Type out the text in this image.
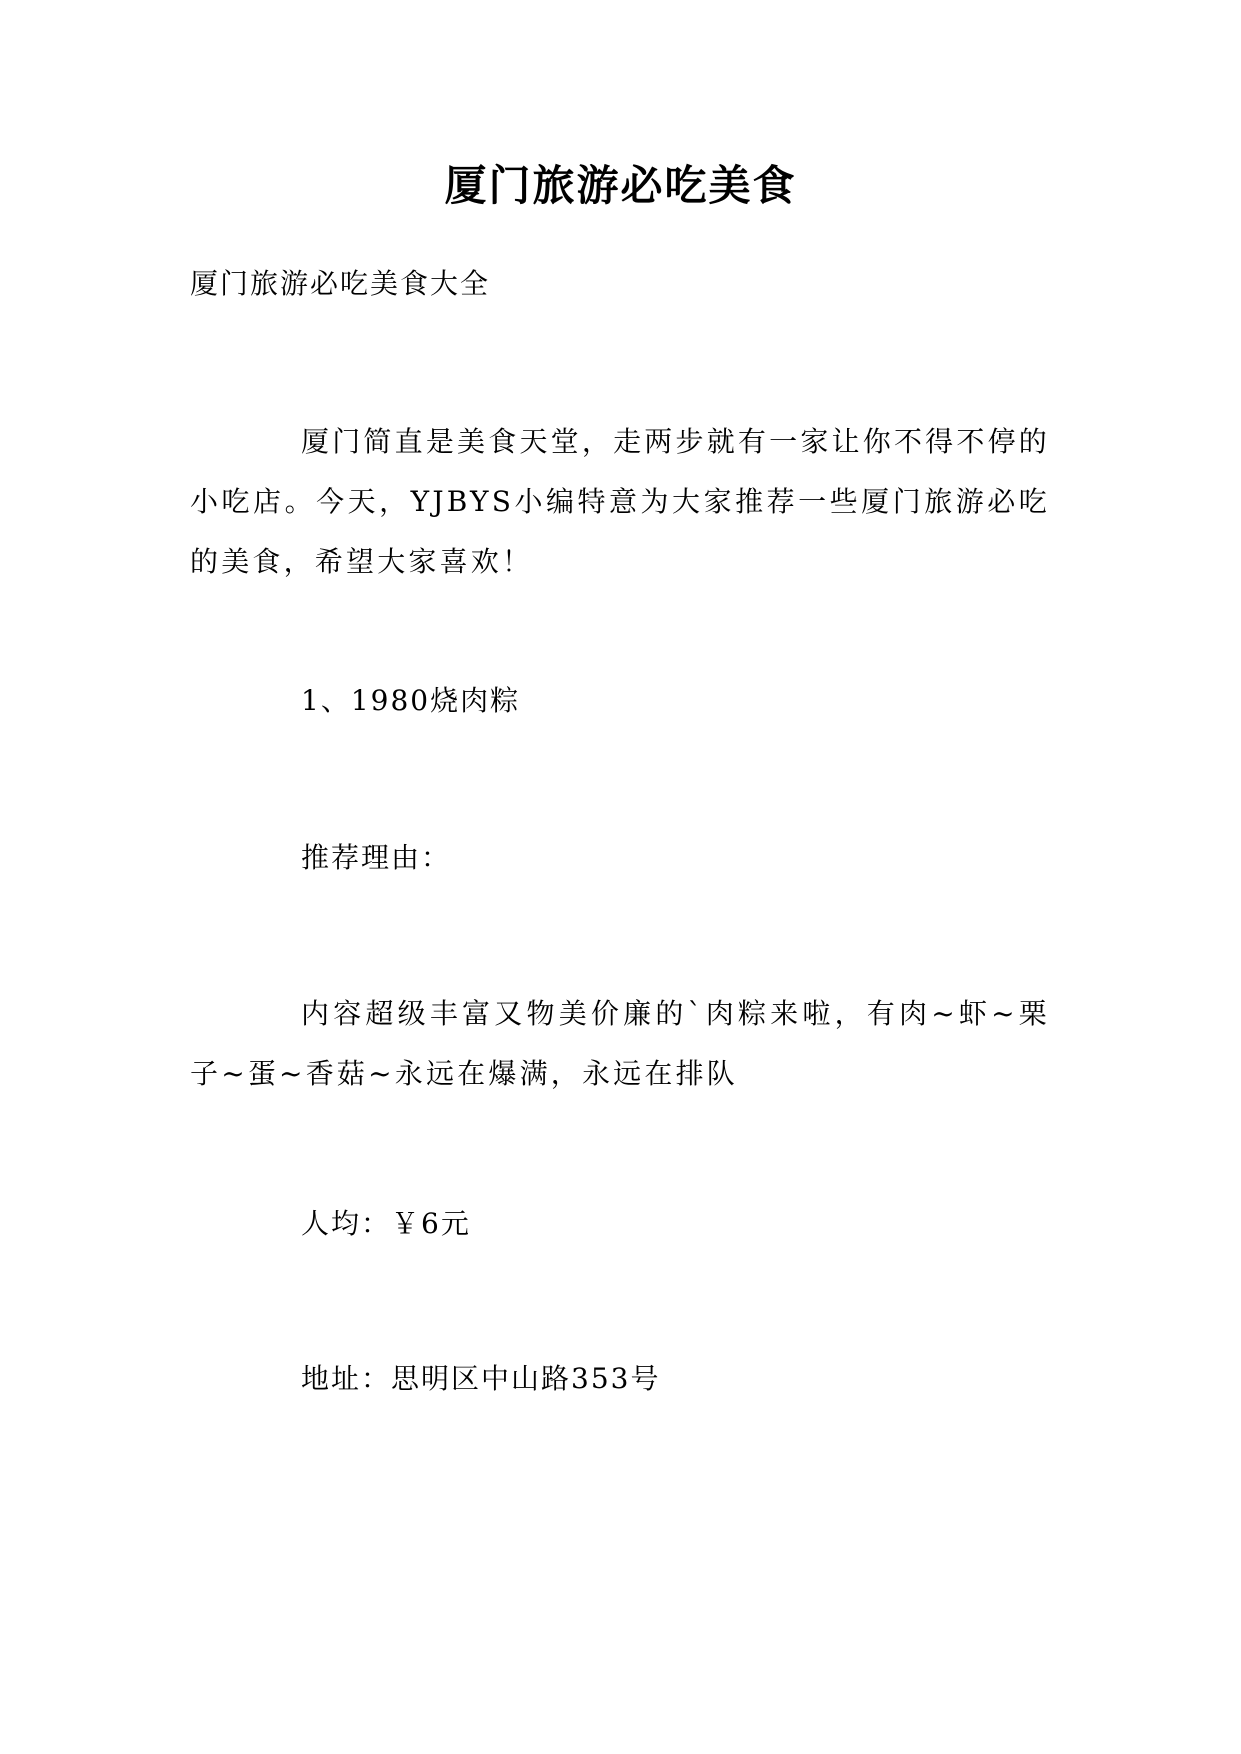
厦门旅游必吃美食
厦门旅游必吃美食大全
厦门简直是美食天堂，走两步就有一家让你不得不停的小吃店。今天，YJBYS小编特意为大家推荐一些厦门旅游必吃的美食，希望大家喜欢！
1、1980烧肉粽
推荐理由：
内容超级丰富又物美价廉的`肉粽来啦，有肉~虾~栗子~蛋~香菇~永远在爆满，永远在排队
人均：￥6元
地址：思明区中山路353号
